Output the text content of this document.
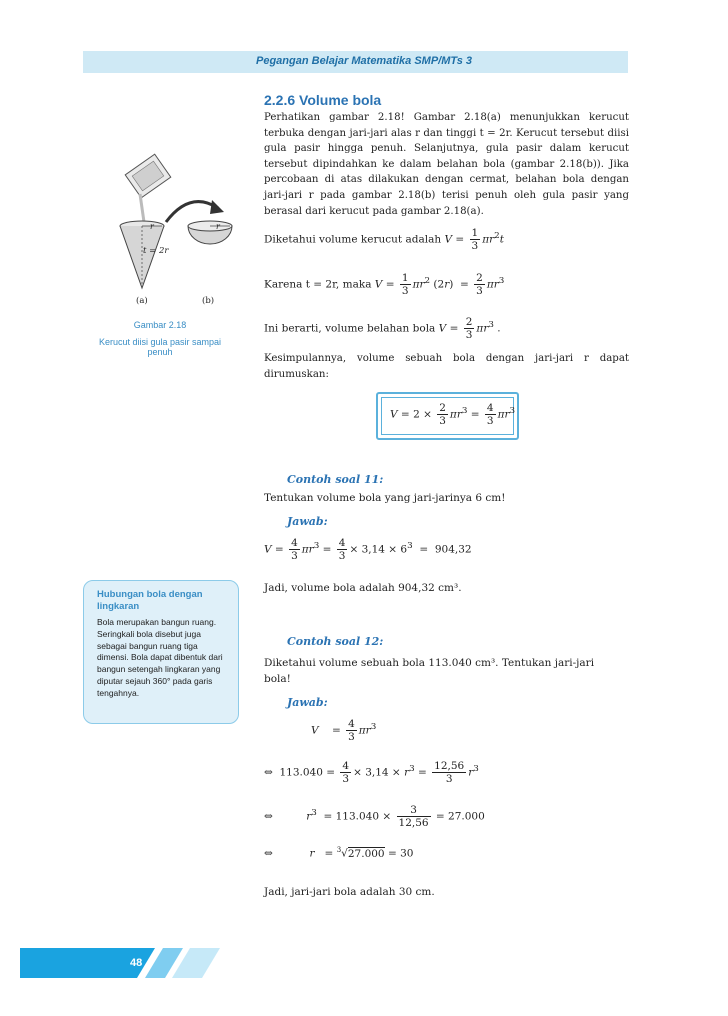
Pegangan Belajar Matematika SMP/MTs 3
2.2.6 Volume bola
Perhatikan gambar 2.18! Gambar 2.18(a) menunjukkan kerucut terbuka dengan jari-jari alas r dan tinggi t = 2r. Kerucut tersebut diisi gula pasir hingga penuh. Selanjutnya, gula pasir dalam kerucut tersebut dipindahkan ke dalam belahan bola (gambar 2.18(b)). Jika percobaan di atas dilakukan dengan cermat, belahan bola dengan jari-jari r pada gambar 2.18(b) terisi penuh oleh gula pasir yang berasal dari kerucut pada gambar 2.18(a).
r	r
t = 2r
(a)	(b)
Gambar 2.18
Kerucut diisi gula pasir sampai penuh
Diketahui volume kerucut adalah $V = \frac{1}{3} \pi r^2t$
Karena t = 2r, maka $V = \frac{1}{3} \pi r^2$ $(2r) = \frac{2}{3} \pi r^3$
Ini berarti, volume belahan bola $V = \frac{2}{3} \pi r^3$ .
Kesimpulannya, volume sebuah bola dengan jari-jari r dapat dirumuskan:
$V = 2 \times \frac{2}{3} \pi r^3 = \frac{4}{3} \pi r^3$
Contoh soal 11:
Tentukan volume bola yang jari-jarinya 6 cm!
Jawab:
$V = \frac{4}{3} \pi r^3 = \frac{4}{3} \times 3,14 \times 6^3 = 904,32$
Jadi, volume bola adalah 904,32 cm³.
Hubungan bola dengan lingkaran
Bola merupakan bangun ruang. Seringkali bola disebut juga sebagai bangun ruang tiga dimensi. Bola dapat dibentuk dari bangun setengah lingkaran yang diputar sejauh 360° pada garis tengahnya.
Contoh soal 12:
Diketahui volume sebuah bola 113.040 cm³. Tentukan jari-jari
bola!
Jawab:
V    = $\frac{4}{3} \pi r^3$
⇔  $113.040 = \frac{4}{3} \times 3,14 \times r^3 = \frac{12,56}{3} r^3$
⇔          $r^3 = 113.040 \times \frac{3}{12,56} = 27.000$
⇔           r   = $^3$√27.000 = 30
Jadi, jari-jari bola adalah 30 cm.
48
